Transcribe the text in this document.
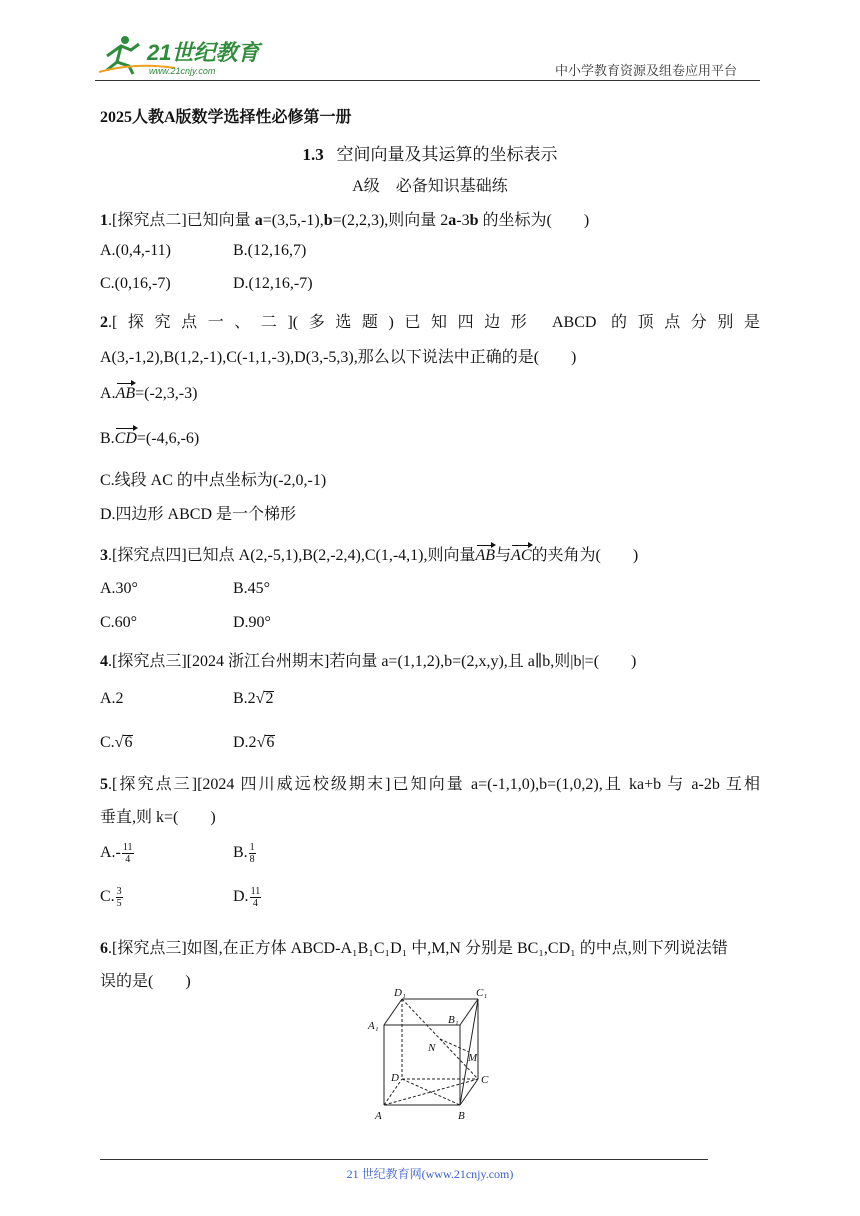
21世纪教育
www.21cnjy.com	中小学教育资源及组卷应用平台
2025人教A版数学选择性必修第一册
1.3 空间向量及其运算的坐标表示
A级　必备知识基础练
1.[探究点二]已知向量 a=(3,5,-1),b=(2,2,3),则向量 2a-3b 的坐标为(　　)
A.(0,4,-11)	B.(12,16,7)
C.(0,16,-7)	D.(12,16,-7)
2.[探究点一、二](多选题)已知四边形 ABCD 的顶点分别是
A(3,-1,2),B(1,2,-1),C(-1,1,-3),D(3,-5,3),那么以下说法中正确的是(　　)
A.AB=(-2,3,-3)
B.CD=(-4,6,-6)
C.线段 AC 的中点坐标为(-2,0,-1)
D.四边形 ABCD 是一个梯形
3.[探究点四]已知点 A(2,-5,1),B(2,-2,4),C(1,-4,1),则向量AB与AC的夹角为(　　)
A.30°	B.45°
C.60°	D.90°
4.[探究点三][2024 浙江台州期末]若向量 a=(1,1,2),b=(2,x,y),且 a∥b,则|b|=(　　)
A.2	B.2√2
C.√6	D.2√6
5.[探究点三][2024 四川威远校级期末]已知向量 a=(-1,1,0),b=(1,0,2),且 ka+b 与 a-2b 互相
垂直,则 k=(　　)
$A.- \frac{11}{4}$	B. $\frac{1}{8}$
C. $\frac{3}{5}$	D. $\frac{11}{4}$
6.[探究点三]如图,在正方体 ABCD-A₁B₁C₁D₁ 中,M,N 分别是 BC₁,CD₁ 的中点,则下列说法错
误的是(　　)
D₁	C₁
A₁	B₁
N
M
D	C
A	B
21 世纪教育网(www.21cnjy.com)
